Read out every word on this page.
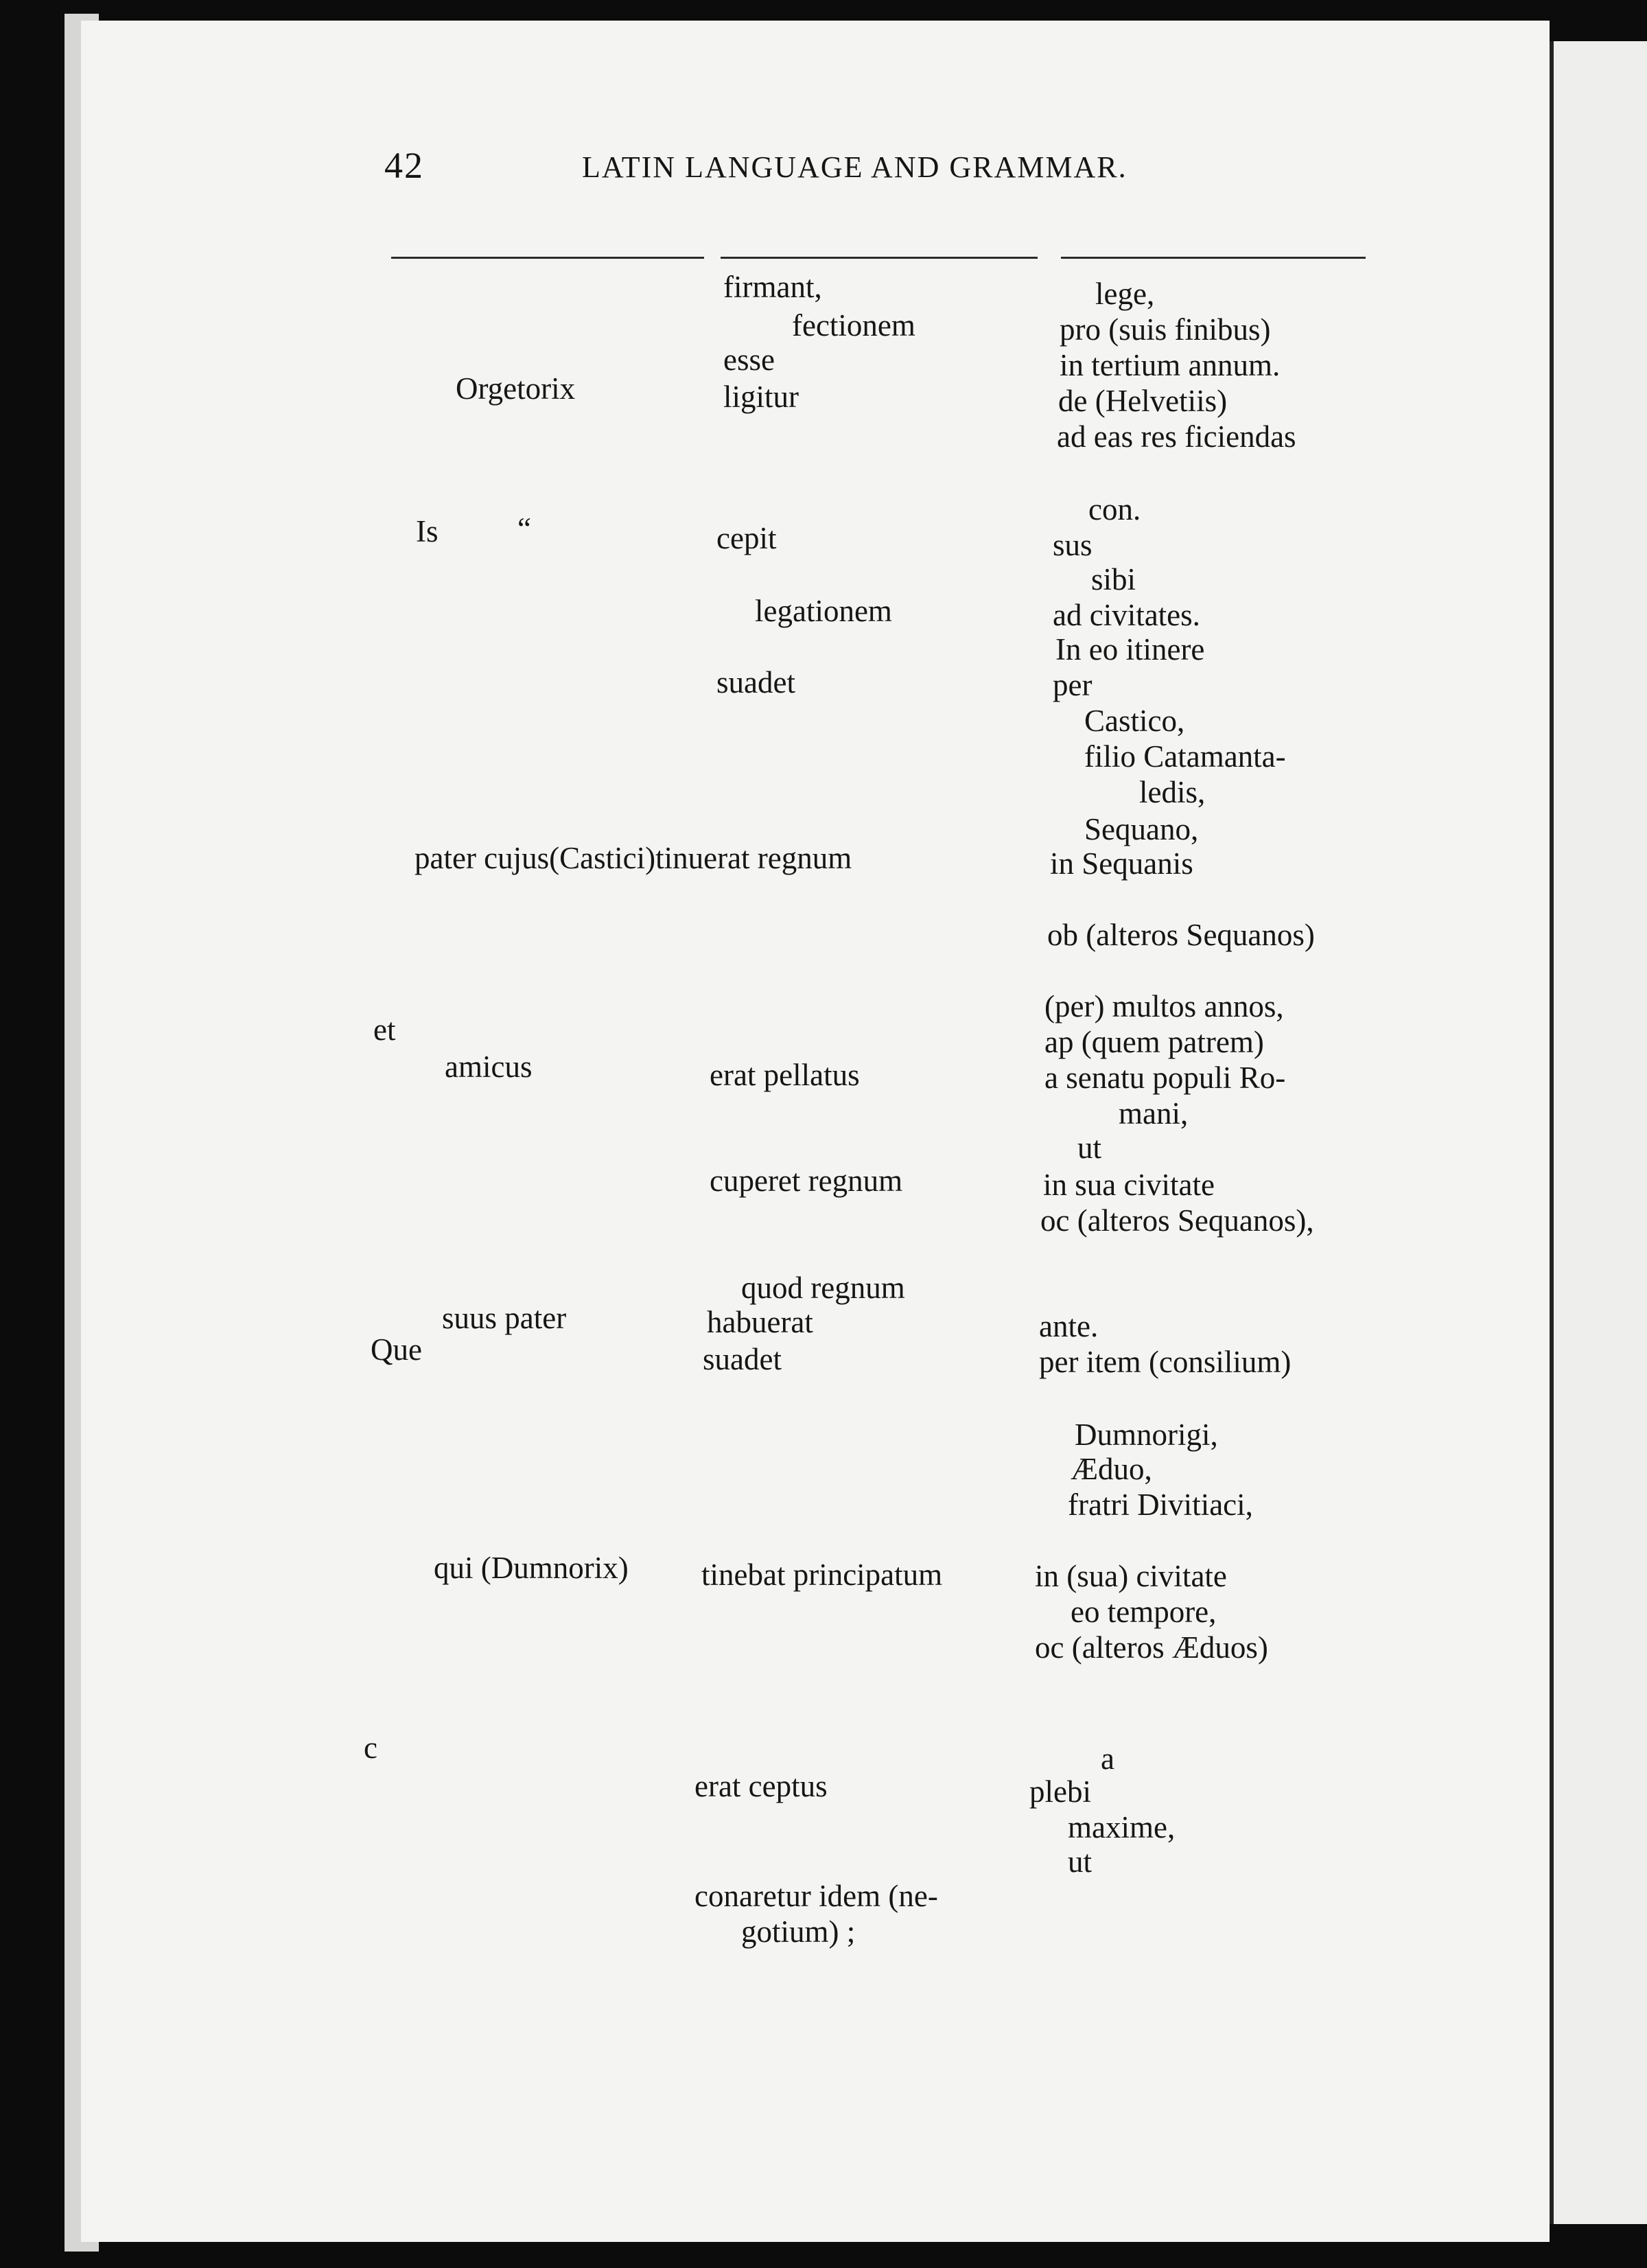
42	LATIN LANGUAGE AND GRAMMAR.
Orgetorix
Is	“
pater cujus(Castici)tinuerat regnum
et
amicus
suus pater
Que
qui (Dumnorix)
c
firmant,
fectionem
esse
ligitur
cepit
legationem
suadet
erat pellatus
cuperet regnum
quod regnum
habuerat
suadet
tinebat principatum
erat ceptus
conaretur idem (ne-
gotium) ;
lege,
pro (suis finibus)
in tertium annum.
de (Helvetiis)
ad eas res ficiendas
con.
sus
sibi
ad civitates.
In eo itinere
per
Castico,
filio Catamanta-
ledis,
Sequano,
in Sequanis
ob (alteros Sequanos)
(per) multos annos,
ap (quem patrem)
a senatu populi Ro-
mani,
ut
in sua civitate
oc (alteros Sequanos),
ante.
per item (consilium)
Dumnorigi,
Æduo,
fratri Divitiaci,
in (sua) civitate
eo tempore,
oc (alteros Æduos)
a
plebi
maxime,
ut
